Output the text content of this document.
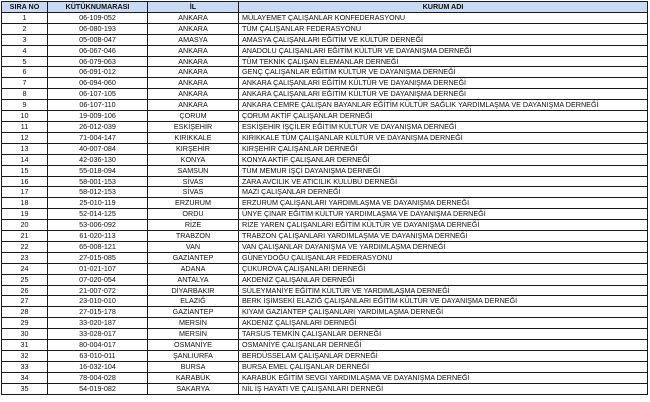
SIRA NO	KÜTÜKNUMARASI	İL	KURUM ADI
1	06-109-052	ANKARA	MÜLAYEMET ÇALIŞANLAR KONFEDERASYONU
2	06-080-193	ANKARA	TÜM ÇALIŞANLAR FEDERASYONU
3	05-008-047	AMASYA	AMASYA ÇALIŞANLARI EĞİTİM VE KÜLTÜR DERNEĞİ
4	06-067-046	ANKARA	ANADOLU ÇALIŞANLARI EĞİTİM KÜLTÜR VE DAYANIŞMA DERNEĞİ
5	06-079-063	ANKARA	TÜM TEKNİK ÇALIŞAN ELEMANLAR DERNEĞİ
6	06-091-012	ANKARA	GENÇ ÇALIŞANLAR EĞİTİM KÜLTÜR VE DAYANIŞMA DERNEĞİ
7	06-094-060	ANKARA	ANKARA ÇALIŞANLARI EĞİTİM KÜLTÜR VE DAYANIŞMA DERNEĞİ
8	06-107-105	ANKARA	ANKARA ÇALIŞANLARI EĞİTİM KÜLTÜR VE DAYANIŞMA DERNEĞİ
9	06-107-110	ANKARA	ANKARA CEMRE ÇALIŞAN BAYANLAR EĞİTİM KÜLTÜR SAĞLIK YARDIMLAŞMA VE DAYANIŞMA DERNEĞİ
10	19-009-106	ÇORUM	ÇORUM AKTİF ÇALIŞANLAR DERNEĞİ
11	26-012-039	ESKİŞEHİR	ESKİŞEHİR İŞÇİLER EĞİTİM KÜLTÜR VE DAYANIŞMA DERNEĞİ
12	71-004-147	KIRIKKALE	KIRIKKALE TÜM ÇALIŞANLAR KÜLTÜR VE DAYANIŞMA DERNEĞİ
13	40-007-084	KIRŞEHİR	KIRŞEHİR ÇALIŞANLAR DERNEĞİ
14	42-036-130	KONYA	KONYA AKTİF ÇALIŞANLAR DERNEĞİ
15	55-018-094	SAMSUN	TÜM MEMUR İŞÇİ DAYANIŞMA DERNEĞİ
16	58-001-153	SİVAS	ZARA AVCILIK VE ATICILIK KULÜBÜ DERNEĞİ
17	58-012-153	SİVAS	MAZİ ÇALIŞANLAR DERNEĞİ
18	25-010-119	ERZURUM	ERZURUM ÇALIŞANLARI YARDIMLAŞMA VE DAYANIŞMA DERNEĞİ
19	52-014-125	ORDU	ÜNYE ÇINAR EĞİTİM KÜLTÜR YARDIMLAŞMA VE DAYANIŞMA DERNEĞİ
20	53-006-092	RİZE	RİZE YAREN ÇALIŞANLARI EĞİTİM KÜLTÜR VE DAYANIŞMA DERNEĞİ
21	61-020-113	TRABZON	TRABZON ÇALIŞANLARI YARDIMLAŞMA VE DAYANIŞMA DERNEĞİ
22	65-008-121	VAN	VAN ÇALIŞANLAR DAYANIŞMA VE YARDIMLAŞMA DERNEĞİ
23	27-015-085	GAZİANTEP	GÜNEYDOĞU ÇALIŞANLAR FEDERASYONU
24	01-021-107	ADANA	ÇUKUROVA ÇALIŞANLARI DERNEĞİ
25	07-020-054	ANTALYA	AKDENİZ ÇALIŞANLAR DERNEĞİ
26	21-007-072	DİYARBAKIR	SÜLEYMANİYE EĞİTİM KÜLTÜR VE YARDIMLAŞMA DERNEĞİ
27	23-010-010	ELAZIĞ	BERK İŞİMSEKİ ELAZIĞ ÇALIŞANLARI EĞİTİM KÜLTÜR VE DAYANIŞMA DERNEĞİ
28	27-015-178	GAZİANTEP	KIYAM GAZİANTEP ÇALIŞANLARI YARDIMLAŞMA DERNEĞİ
29	33-020-187	MERSİN	AKDENİZ ÇALIŞANLARI DERNEĞİ
30	33-028-017	MERSİN	TARSUS TEMKİN ÇALIŞANLAR DERNEĞİ
31	80-004-017	OSMANİYE	OSMANİYE ÇALIŞANLAR DERNEĞİ
32	63-010-011	ŞANLIURFA	BERDÜSSELAM ÇALIŞANLAR DERNEĞİ
33	16-032-104	BURSA	BURSA EMEL ÇALIŞANLAR DERNEĞİ
34	78-004-028	KARABÜK	KARABÜK EĞİTİM SEVGİ YARDIMLAŞMA VE DAYANIŞMA DERNEĞİ
35	54-019-082	SAKARYA	NİL İŞ HAYATI VE ÇALIŞANLARI DERNEĞİ
